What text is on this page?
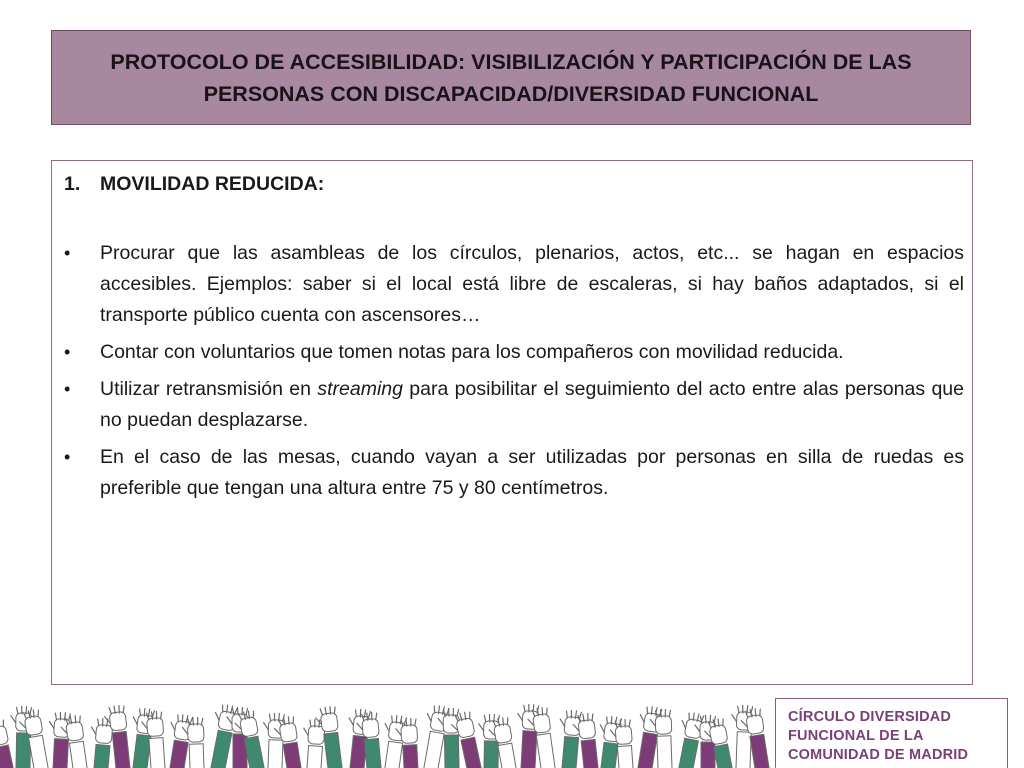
PROTOCOLO DE ACCESIBILIDAD: VISIBILIZACIÓN Y PARTICIPACIÓN DE LAS PERSONAS CON DISCAPACIDAD/DIVERSIDAD FUNCIONAL
1.	MOVILIDAD REDUCIDA:
•	Procurar que las asambleas de los círculos, plenarios, actos, etc... se hagan en espacios accesibles. Ejemplos: saber si el local está libre de escaleras, si hay baños adaptados, si el transporte público cuenta con ascensores…
•	Contar con voluntarios que tomen notas para los compañeros con movilidad reducida.
•	Utilizar retransmisión en streaming para posibilitar el seguimiento del acto entre alas personas que no puedan desplazarse.
•	En el caso de las mesas, cuando vayan a ser utilizadas por personas en silla de ruedas es preferible que tengan una altura entre 75 y 80 centímetros.
CÍRCULO DIVERSIDAD
FUNCIONAL DE LA
COMUNIDAD DE MADRID
